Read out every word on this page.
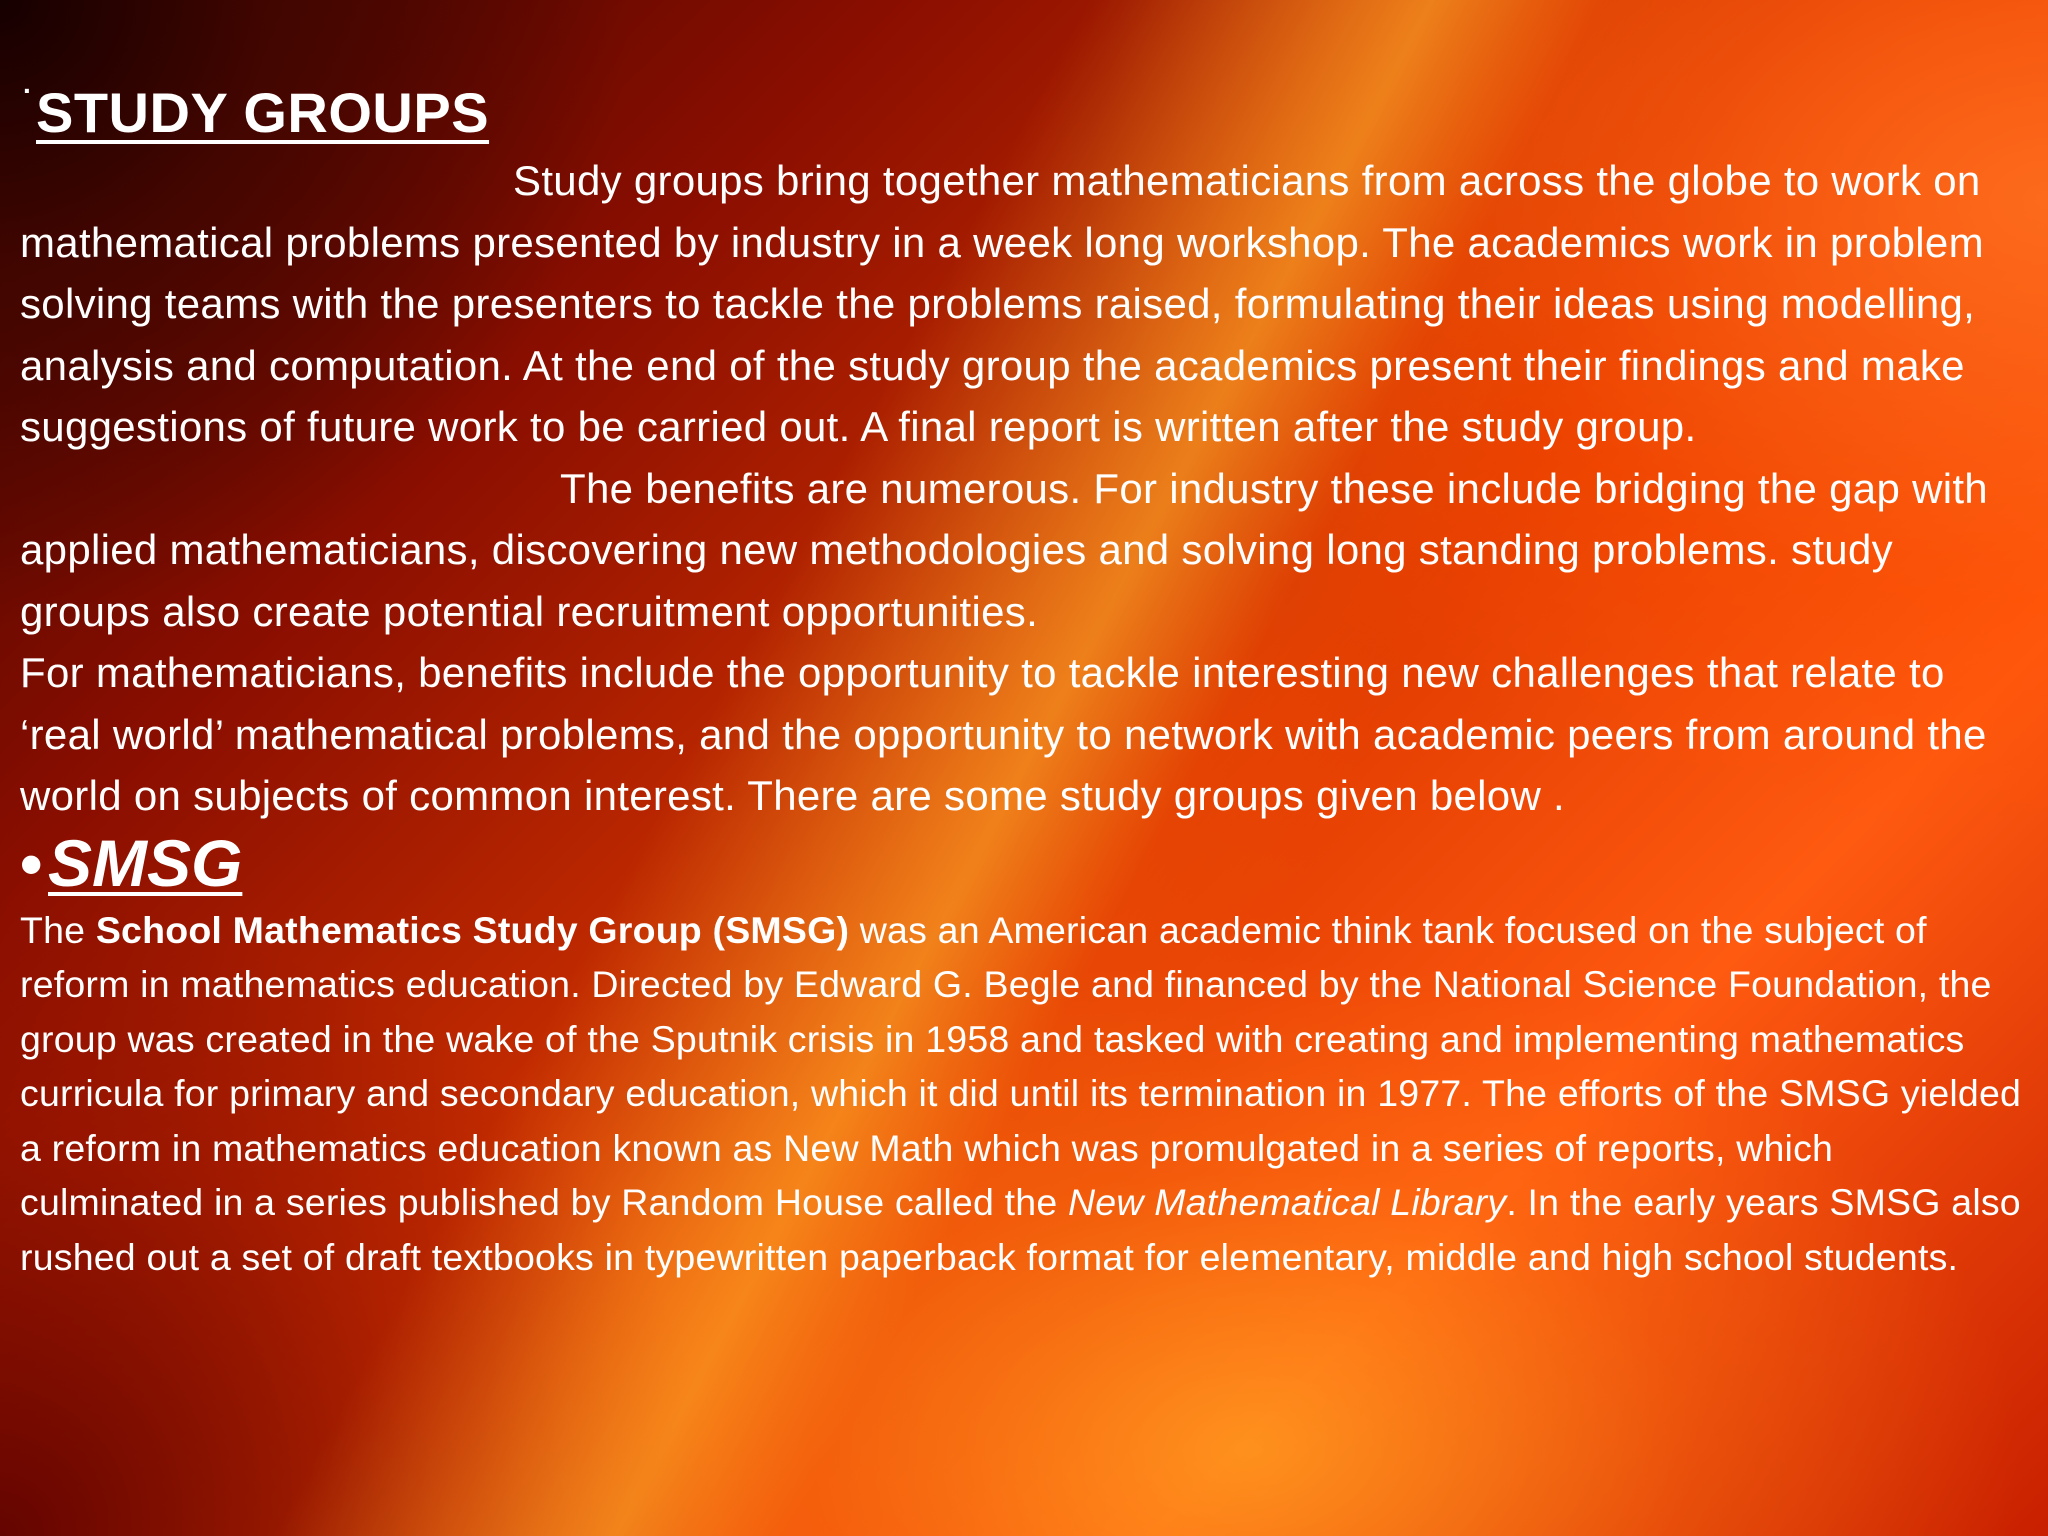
. STUDY GROUPS

Study groups bring together mathematicians from across the globe to work on mathematical problems presented by industry in a week long workshop. The academics work in problem solving teams with the presenters to tackle the problems raised, formulating their ideas using modelling, analysis and computation. At the end of the study group the academics present their findings and make suggestions of future work to be carried out. A final report is written after the study group.

The benefits are numerous. For industry these include bridging the gap with applied mathematicians, discovering new methodologies and solving long standing problems. study groups also create potential recruitment opportunities.

For mathematicians, benefits include the opportunity to tackle interesting new challenges that relate to ‘real world’ mathematical problems, and the opportunity to network with academic peers from around the world on subjects of common interest. There are some study groups given below .

• SMSG

The School Mathematics Study Group (SMSG) was an American academic think tank focused on the subject of reform in mathematics education. Directed by Edward G. Begle and financed by the National Science Foundation, the group was created in the wake of the Sputnik crisis in 1958 and tasked with creating and implementing mathematics curricula for primary and secondary education, which it did until its termination in 1977. The efforts of the SMSG yielded a reform in mathematics education known as New Math which was promulgated in a series of reports, which culminated in a series published by Random House called the New Mathematical Library. In the early years SMSG also rushed out a set of draft textbooks in typewritten paperback format for elementary, middle and high school students.
